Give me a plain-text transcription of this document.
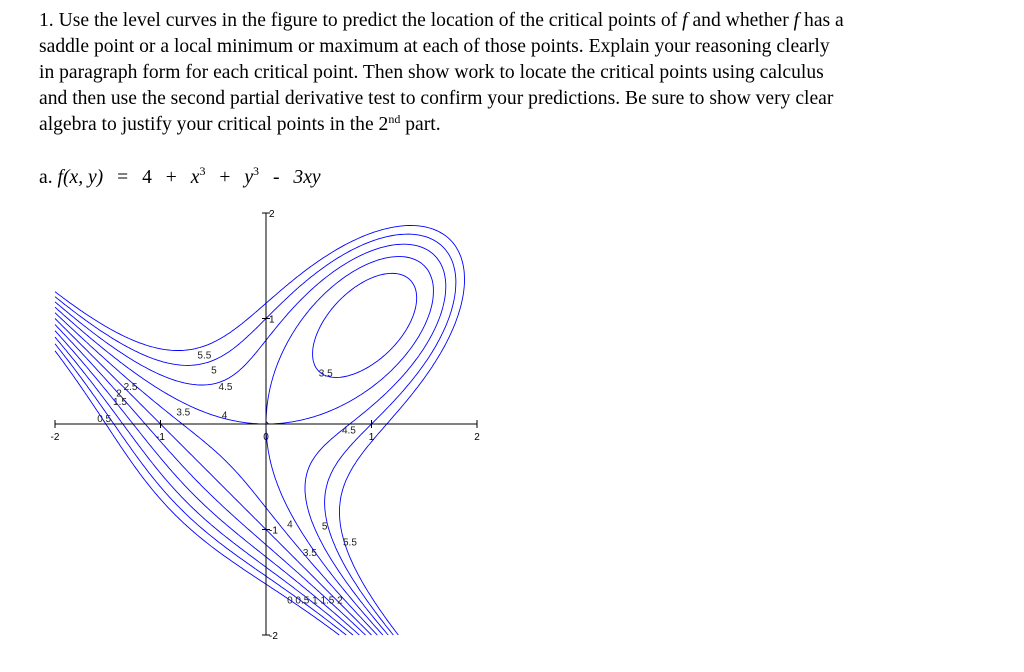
1. Use the level curves in the figure to predict the location of the critical points of f and whether f has a
saddle point or a local minimum or maximum at each of those points. Explain your reasoning clearly
in paragraph form for each critical point. Then show work to locate the critical points using calculus
and then use the second partial derivative test to confirm your predictions. Be sure to show very clear
algebra to justify your critical points in the 2nd part.

a. f(x, $y) = 4 + x^3 + y^3 - 3xy$
-2	-1	0	1	2
2
1
-1
-2
5.5
5
4.5
4
3.5
2.5
2
1.5
0.5
3.5
4.5
4	5
5.5
3.5
0 0.5 1 1.5 2
